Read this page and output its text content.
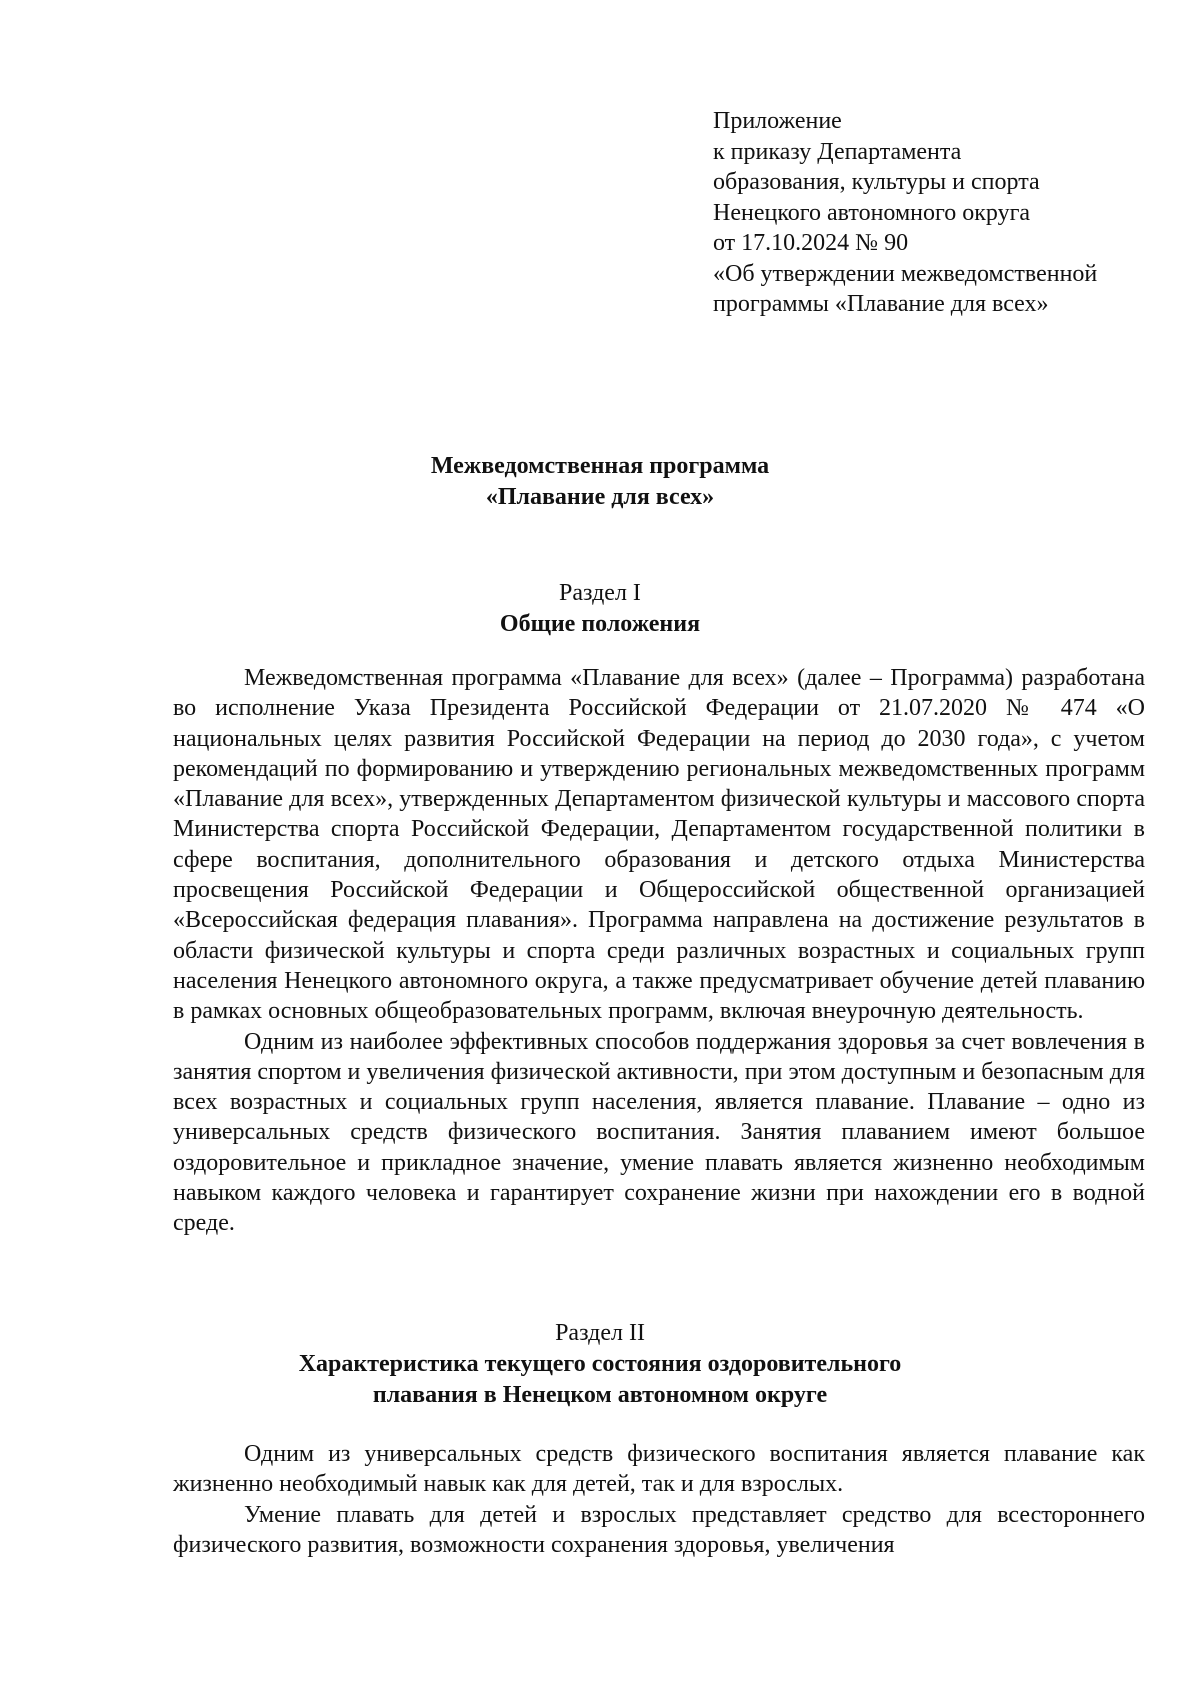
Приложение
к приказу Департамента
образования, культуры и спорта
Ненецкого автономного округа
от 17.10.2024 № 90
«Об утверждении межведомственной
программы «Плавание для всех»
Межведомственная программа
«Плавание для всех»
Раздел I
Общие положения

Межведомственная программа «Плавание для всех» (далее – Программа) разработана во исполнение Указа Президента Российской Федерации от 21.07.2020 № 474 «О национальных целях развития Российской Федерации на период до 2030 года», с учетом рекомендаций по формированию и утверждению региональных межведомственных программ «Плавание для всех», утвержденных Департаментом физической культуры и массового спорта Министерства спорта Российской Федерации, Департаментом государственной политики в сфере воспитания, дополнительного образования и детского отдыха Министерства просвещения Российской Федерации и Общероссийской общественной организацией «Всероссийская федерация плавания». Программа направлена на достижение результатов в области физической культуры и спорта среди различных возрастных и социальных групп населения Ненецкого автономного округа, а также предусматривает обучение детей плаванию в рамках основных общеобразовательных программ, включая внеурочную деятельность.

Одним из наиболее эффективных способов поддержания здоровья за счет вовлечения в занятия спортом и увеличения физической активности, при этом доступным и безопасным для всех возрастных и социальных групп населения, является плавание. Плавание – одно из универсальных средств физического воспитания. Занятия плаванием имеют большое оздоровительное и прикладное значение, умение плавать является жизненно необходимым навыком каждого человека и гарантирует сохранение жизни при нахождении его в водной среде.

Раздел II
Характеристика текущего состояния оздоровительного
плавания в Ненецком автономном округе

Одним из универсальных средств физического воспитания является плавание как жизненно необходимый навык как для детей, так и для взрослых.

Умение плавать для детей и взрослых представляет средство для всестороннего физического развития, возможности сохранения здоровья, увеличения
